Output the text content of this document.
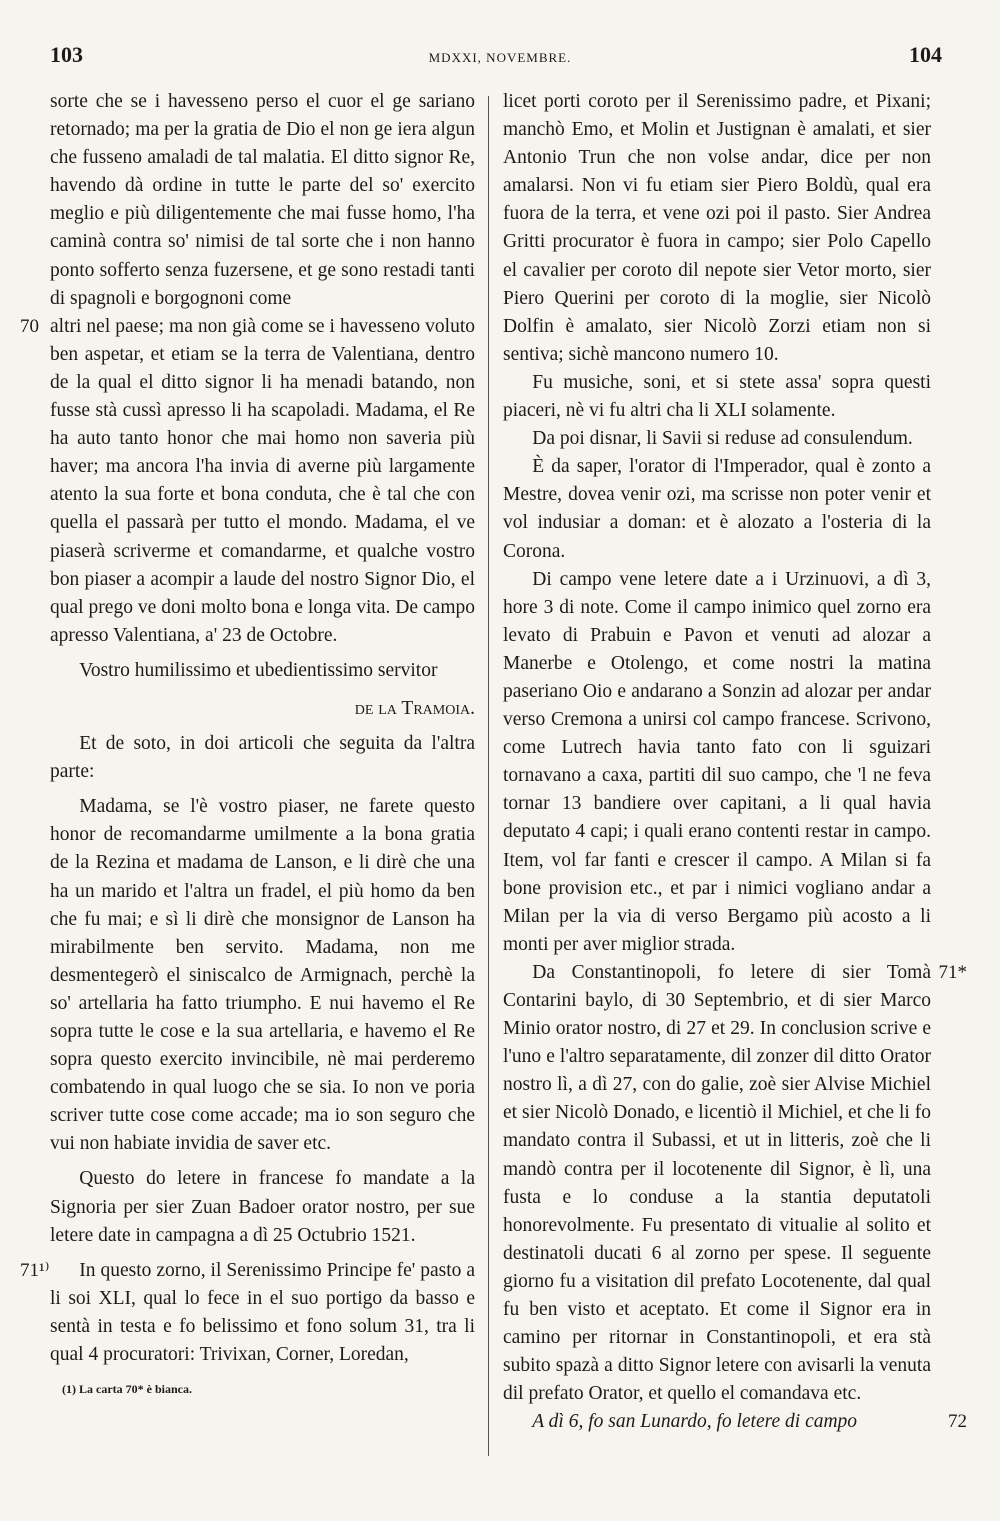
103	MDXXI, NOVEMBRE.	104

sorte che se i havesseno perso el cuor el ge sariano retornado; ma per la gratia de Dio el non ge iera algun che fusseno amaladi de tal malatia. El ditto signor Re, havendo dà ordine in tutte le parte del so' exercito meglio e più diligentemente che mai fusse homo, l'ha caminà contra so' nimisi de tal sorte che i non hanno ponto sofferto senza fuzersene, et ge sono restadi tanti di spagnoli e borgognoni come

70 altri nel paese; ma non già come se i havesseno voluto ben aspetar, et etiam se la terra de Valentiana, dentro de la qual el ditto signor li ha menadi batando, non fusse stà cussì apresso li ha scapoladi. Madama, el Re ha auto tanto honor che mai homo non saveria più haver; ma ancora l'ha invia di averne più largamente atento la sua forte et bona conduta, che è tal che con quella el passarà per tutto el mondo. Madama, el ve piaserà scriverme et comandarme, et qualche vostro bon piaser a acompir a laude del nostro Signor Dio, el qual prego ve doni molto bona e longa vita. De campo apresso Valentiana, a' 23 de Octobre.

Vostro humilissimo et ubedientissimo servitor

de la Tramoia.

Et de soto, in doi articoli che seguita da l'altra parte:

Madama, se l'è vostro piaser, ne farete questo honor de recomandarme umilmente a la bona gratia de la Rezina et madama de Lanson, e li dirè che una ha un marido et l'altra un fradel, el più homo da ben che fu mai; e sì li dirè che monsignor de Lanson ha mirabilmente ben servito. Madama, non me desmentegerò el siniscalco de Armignach, perchè la so' artellaria ha fatto triumpho. E nui havemo el Re sopra tutte le cose e la sua artellaria, e havemo el Re sopra questo exercito invincibile, nè mai perderemo combatendo in qual luogo che se sia. Io non ve poria scriver tutte cose come accade; ma io son seguro che vui non habiate invidia de saver etc.

Questo do letere in francese fo mandate a la Signoria per sier Zuan Badoer orator nostro, per sue letere date in campagna a dì 25 Octubrio 1521.

71¹⁾ In questo zorno, il Serenissimo Principe fe' pasto a li soi XLI, qual lo fece in el suo portigo da basso e sentà in testa e fo belissimo et fono solum 31, tra li qual 4 procuratori: Trivixan, Corner, Loredan,

(1) La carta 70* è bianca.

licet porti coroto per il Serenissimo padre, et Pixani; manchò Emo, et Molin et Justignan è amalati, et sier Antonio Trun che non volse andar, dice per non amalarsi. Non vi fu etiam sier Piero Boldù, qual era fuora de la terra, et vene ozi poi il pasto. Sier Andrea Gritti procurator è fuora in campo; sier Polo Capello el cavalier per coroto dil nepote sier Vetor morto, sier Piero Querini per coroto di la moglie, sier Nicolò Dolfin è amalato, sier Nicolò Zorzi etiam non si sentiva; sichè mancono numero 10.

Fu musiche, soni, et si stete assa' sopra questi piaceri, nè vi fu altri cha li XLI solamente.

Da poi disnar, li Savii si reduse ad consulendum.

È da saper, l'orator di l'Imperador, qual è zonto a Mestre, dovea venir ozi, ma scrisse non poter venir et vol indusiar a doman: et è alozato a l'osteria di la Corona.

Di campo vene letere date a i Urzinuovi, a dì 3, hore 3 di note. Come il campo inimico quel zorno era levato di Prabuin e Pavon et venuti ad alozar a Manerbe e Otolengo, et come nostri la matina paseriano Oio e andarano a Sonzin ad alozar per andar verso Cremona a unirsi col campo francese. Scrivono, come Lutrech havia tanto fato con li sguizari tornavano a caxa, partiti dil suo campo, che 'l ne feva tornar 13 bandiere over capitani, a li qual havia deputato 4 capi; i quali erano contenti restar in campo. Item, vol far fanti e crescer il campo. A Milan si fa bone provision etc., et par i nimici vogliano andar a Milan per la via di verso Bergamo più acosto a li monti per aver miglior strada.

71*
Da Constantinopoli, fo letere di sier Tomà Contarini baylo, di 30 Septembrio, et di sier Marco Minio orator nostro, di 27 et 29. In conclusion scrive e l'uno e l'altro separatamente, dil zonzer dil ditto Orator nostro lì, a dì 27, con do galie, zoè sier Alvise Michiel et sier Nicolò Donado, e licentiò il Michiel, et che li fo mandato contra il Subassi, et ut in litteris, zoè che li mandò contra per il locotenente dil Signor, è lì, una fusta e lo conduse a la stantia deputatoli honorevolmente. Fu presentato di vitualie al solito et destinatoli ducati 6 al zorno per spese. Il seguente giorno fu a visitation dil prefato Locotenente, dal qual fu ben visto et aceptato. Et come il Signor era in camino per ritornar in Constantinopoli, et era stà subito spazà a ditto Signor letere con avisarli la venuta dil prefato Orator, et quello el comandava etc.

72
A dì 6, fo san Lunardo, fo letere di campo
